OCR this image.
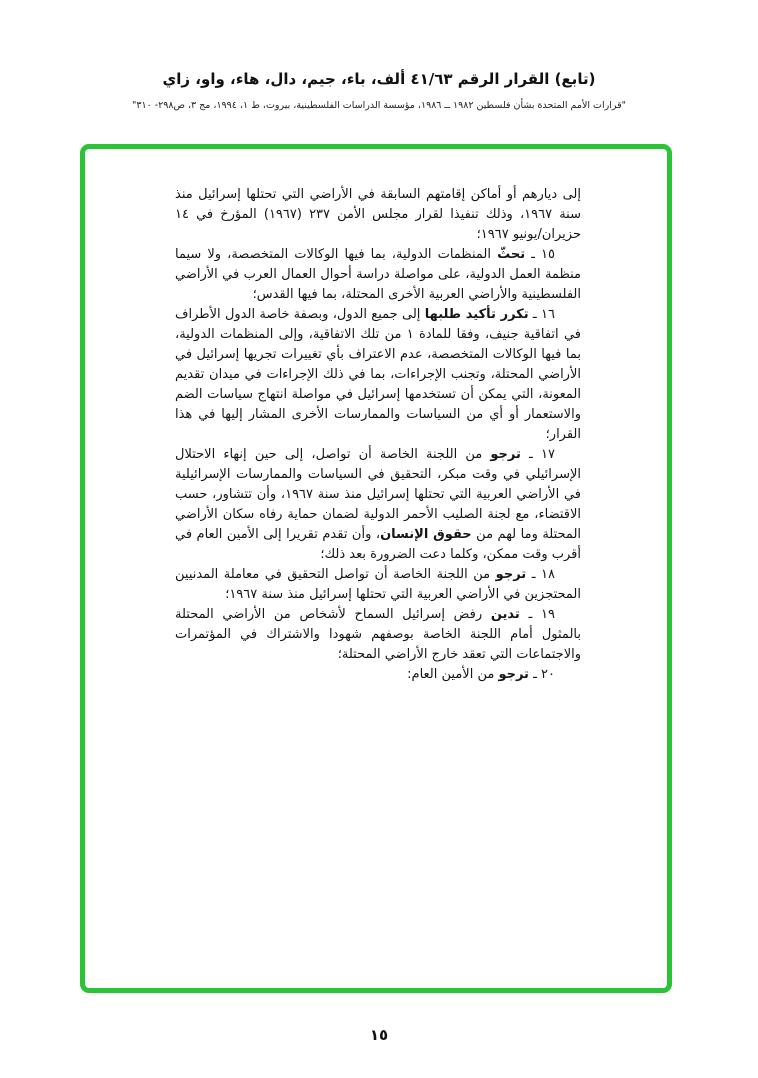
(تابع) القرار الرقم ٤١/٦٣ ألف، باء، جيم، دال، هاء، واو، زاي
"قرارات الأمم المتحدة بشأن فلسطين ١٩٨٢ ــ ١٩٨٦، مؤسسة الدراسات الفلسطينية، بيروت، ط ١، ١٩٩٤، مج ٣، ص٢٩٨- ٣١٠"

إلى ديارهم أو أماكن إقامتهم السابقة في الأراضي التي تحتلها إسرائيل منذ سنة ١٩٦٧، وذلك تنفيذا لقرار مجلس الأمن ٢٣٧ (١٩٦٧) المؤرخ في ١٤ حزيران/يونيو ١٩٦٧؛

١٥ ـ تحثّ المنظمات الدولية، بما فيها الوكالات المتخصصة، ولا سيما منظمة العمل الدولية، على مواصلة دراسة أحوال العمال العرب في الأراضي الفلسطينية والأراضي العربية الأخرى المحتلة، بما فيها القدس؛

١٦ ـ تكرر تأكيد طلبها إلى جميع الدول، وبصفة خاصة الدول الأطراف في اتفاقية جنيف، وفقا للمادة ١ من تلك الاتفاقية، وإلى المنظمات الدولية، بما فيها الوكالات المتخصصة، عدم الاعتراف بأي تغييرات تجريها إسرائيل في الأراضي المحتلة، وتجنب الإجراءات، بما في ذلك الإجراءات في ميدان تقديم المعونة، التي يمكن أن تستخدمها إسرائيل في مواصلة انتهاج سياسات الضم والاستعمار أو أي من السياسات والممارسات الأخرى المشار إليها في هذا القرار؛

١٧ ـ ترجو من اللجنة الخاصة أن تواصل، إلى حين إنهاء الاحتلال الإسرائيلي في وقت مبكر، التحقيق في السياسات والممارسات الإسرائيلية في الأراضي العربية التي تحتلها إسرائيل منذ سنة ١٩٦٧، وأن تتشاور، حسب الاقتضاء، مع لجنة الصليب الأحمر الدولية لضمان حماية رفاه سكان الأراضي المحتلة وما لهم من حقوق الإنسان، وأن تقدم تقريرا إلى الأمين العام في أقرب وقت ممكن، وكلما دعت الضرورة بعد ذلك؛

١٨ ـ ترجو من اللجنة الخاصة أن تواصل التحقيق في معاملة المدنيين المحتجزين في الأراضي العربية التي تحتلها إسرائيل منذ سنة ١٩٦٧؛

١٩ ـ تدين رفض إسرائيل السماح لأشخاص من الأراضي المحتلة بالمثول أمام اللجنة الخاصة بوصفهم شهودا والاشتراك في المؤتمرات والاجتماعات التي تعقد خارج الأراضي المحتلة؛

٢٠ ـ ترجو من الأمين العام:

١٥
